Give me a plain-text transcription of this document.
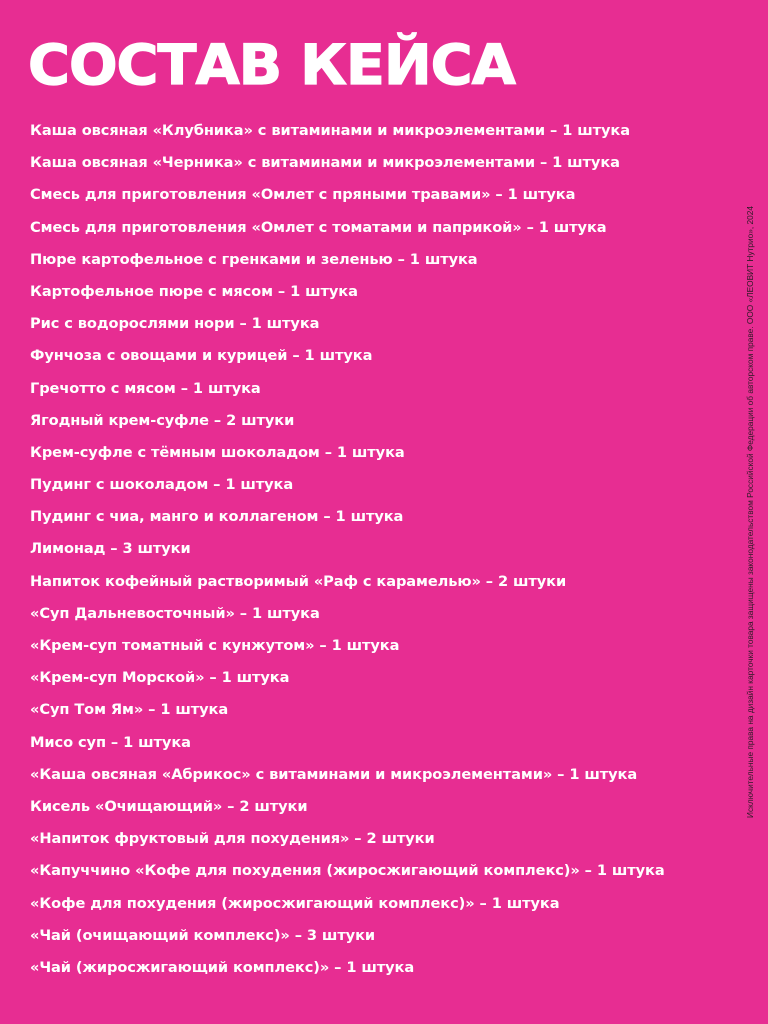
СОСТАВ КЕЙСА
Каша овсяная «Клубника» с витаминами и микроэлементами – 1 штука
Каша овсяная «Черника» с витаминами и микроэлементами – 1 штука
Смесь для приготовления «Омлет с пряными травами» – 1 штука
Смесь для приготовления «Омлет с томатами и паприкой» – 1 штука
Пюре картофельное с гренками и зеленью – 1 штука
Картофельное пюре с мясом – 1 штука
Рис с водорослями нори – 1 штука
Фунчоза с овощами и курицей – 1 штука
Гречотто с мясом – 1 штука
Ягодный крем-суфле – 2 штуки
Крем-суфле с тёмным шоколадом – 1 штука
Пудинг с шоколадом – 1 штука
Пудинг с чиа, манго и коллагеном – 1 штука
Лимонад – 3 штуки
Напиток кофейный растворимый «Раф с карамелью» – 2 штуки
«Суп Дальневосточный» – 1 штука
«Крем-суп томатный с кунжутом» – 1 штука
«Крем-суп Морской» – 1 штука
«Суп Том Ям» – 1 штука
Мисо суп – 1 штука
«Каша овсяная «Абрикос» с витаминами и микроэлементами» – 1 штука
Кисель «Очищающий» – 2 штуки
«Напиток фруктовый для похудения» – 2 штуки
«Капуччино «Кофе для похудения (жиросжигающий комплекс)» – 1 штука
«Кофе для похудения (жиросжигающий комплекс)» – 1 штука
«Чай (очищающий комплекс)» – 3 штуки
«Чай (жиросжигающий комплекс)» – 1 штука
Исключительные права на дизайн карточки товара защищены законодательством Российской Федерации об авторском праве. ООО «ЛЕОВИТ Нутрио», 2024
